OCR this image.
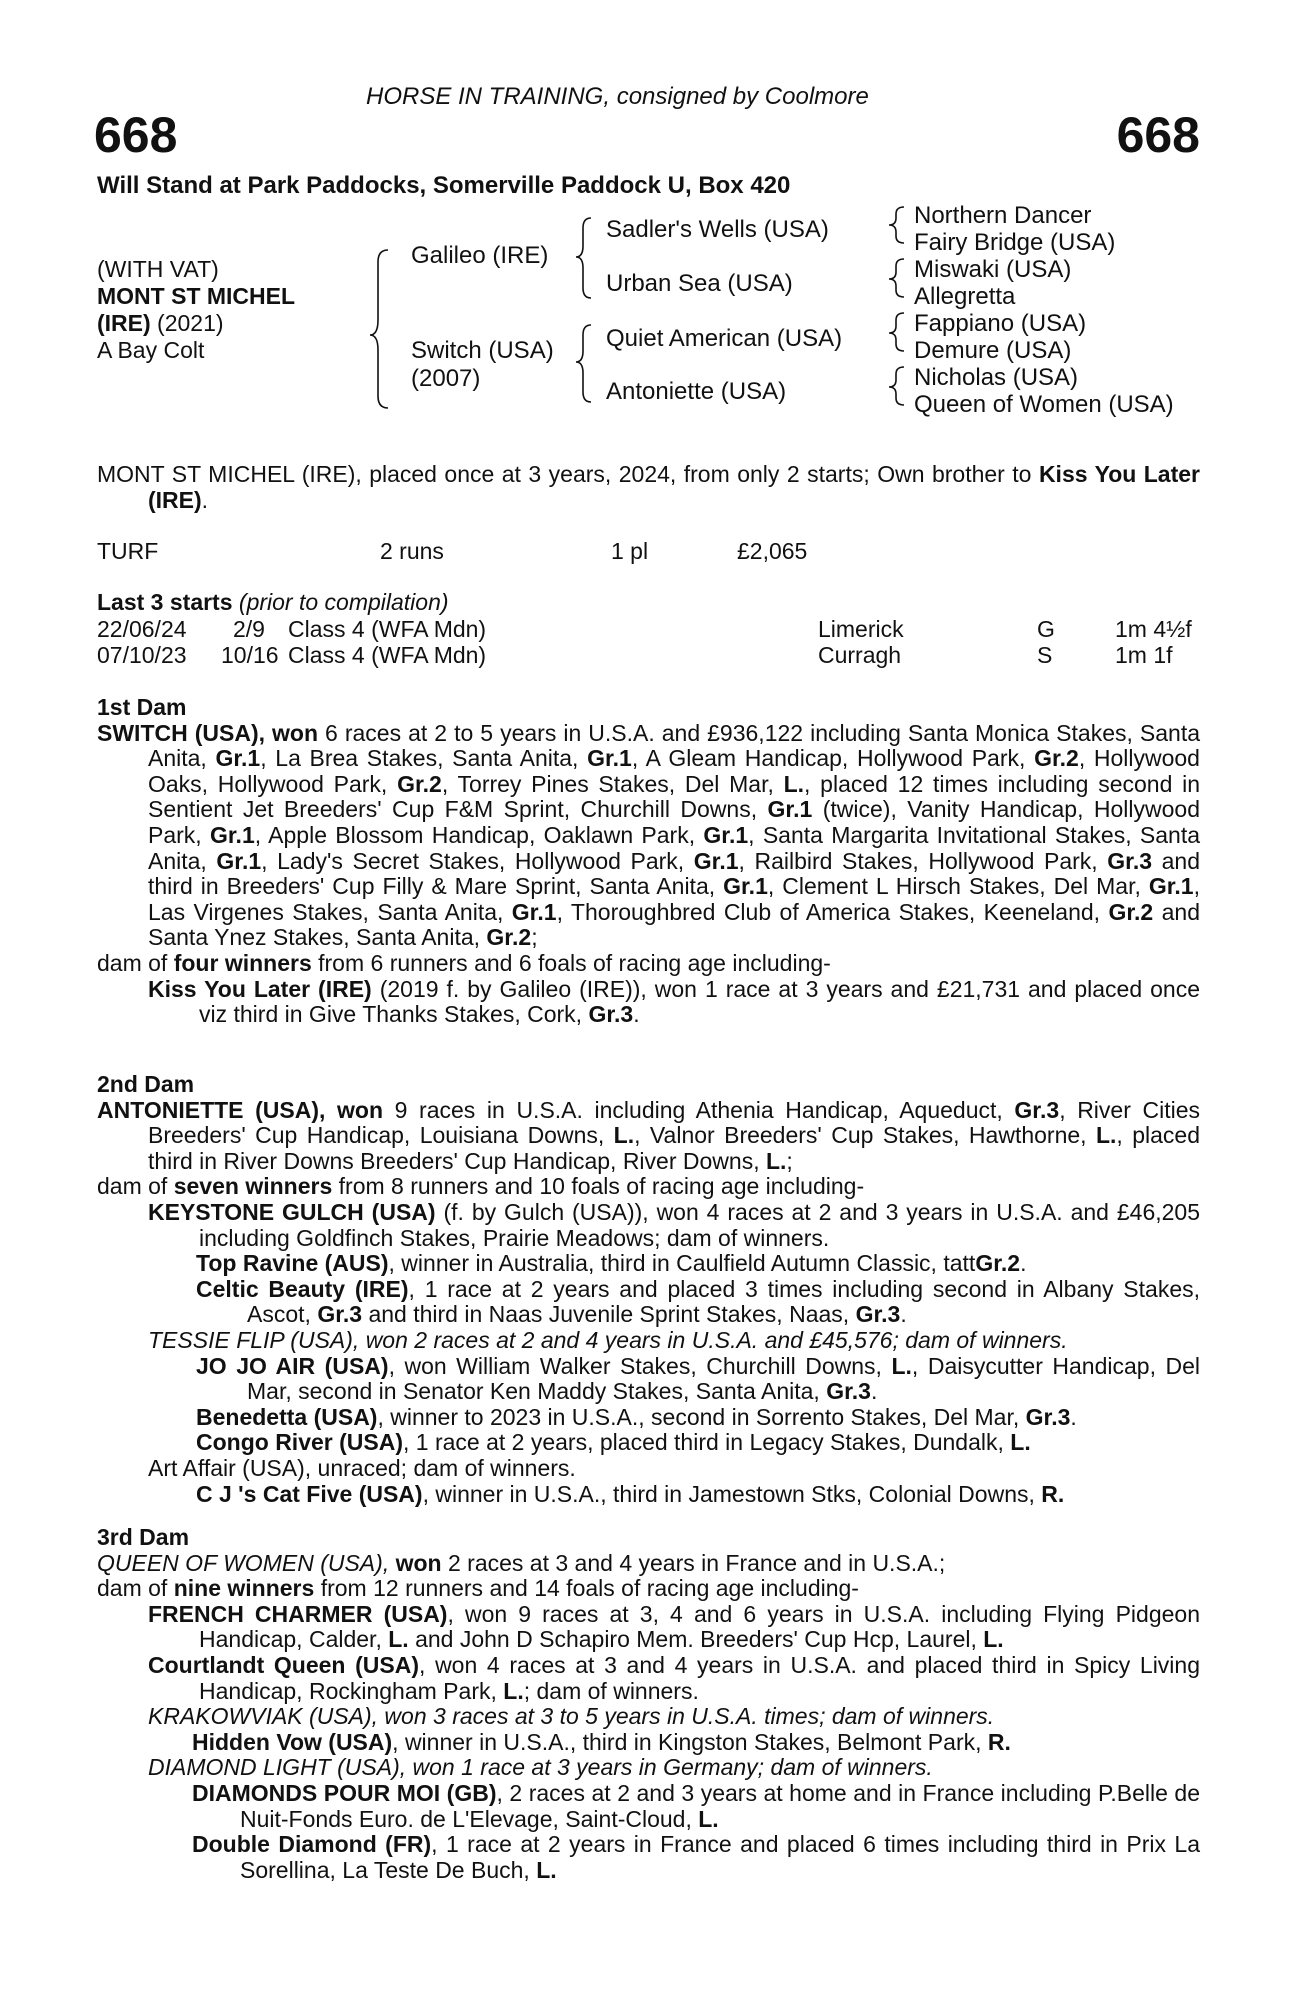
HORSE IN TRAINING, consigned by Coolmore
668	668
Will Stand at Park Paddocks, Somerville Paddock U, Box 420
(WITH VAT)
MONT ST MICHEL
(IRE) (2021)
A Bay Colt
Galileo (IRE)
Switch (USA)
(2007)
Sadler's Wells (USA)
Urban Sea (USA)
Quiet American (USA)
Antoniette (USA)
Northern Dancer
Fairy Bridge (USA)
Miswaki (USA)
Allegretta
Fappiano (USA)
Demure (USA)
Nicholas (USA)
Queen of Women (USA)

MONT ST MICHEL (IRE), placed once at 3 years, 2024, from only 2 starts; Own brother to Kiss You Later (IRE).

TURF	2 runs	1 pl	£2,065
Last 3 starts (prior to compilation)
22/06/24 2/9 Class 4 (WFA Mdn)	Limerick	G	1m 4½f
07/10/23 10/16 Class 4 (WFA Mdn)	Curragh	S	1m 1f

1st Dam

SWITCH (USA), won 6 races at 2 to 5 years in U.S.A. and £936,122 including Santa Monica Stakes, Santa Anita, Gr.1, La Brea Stakes, Santa Anita, Gr.1, A Gleam Handicap, Hollywood Park, Gr.2, Hollywood Oaks, Hollywood Park, Gr.2, Torrey Pines Stakes, Del Mar, L., placed 12 times including second in Sentient Jet Breeders' Cup F&M Sprint, Churchill Downs, Gr.1 (twice), Vanity Handicap, Hollywood Park, Gr.1, Apple Blossom Handicap, Oaklawn Park, Gr.1, Santa Margarita Invitational Stakes, Santa Anita, Gr.1, Lady's Secret Stakes, Hollywood Park, Gr.1, Railbird Stakes, Hollywood Park, Gr.3 and third in Breeders' Cup Filly & Mare Sprint, Santa Anita, Gr.1, Clement L Hirsch Stakes, Del Mar, Gr.1, Las Virgenes Stakes, Santa Anita, Gr.1, Thoroughbred Club of America Stakes, Keeneland, Gr.2 and Santa Ynez Stakes, Santa Anita, Gr.2;

dam of four winners from 6 runners and 6 foals of racing age including-

Kiss You Later (IRE) (2019 f. by Galileo (IRE)), won 1 race at 3 years and £21,731 and placed once viz third in Give Thanks Stakes, Cork, Gr.3.

2nd Dam

ANTONIETTE (USA), won 9 races in U.S.A. including Athenia Handicap, Aqueduct, Gr.3, River Cities Breeders' Cup Handicap, Louisiana Downs, L., Valnor Breeders' Cup Stakes, Hawthorne, L., placed third in River Downs Breeders' Cup Handicap, River Downs, L.;

dam of seven winners from 8 runners and 10 foals of racing age including-

KEYSTONE GULCH (USA) (f. by Gulch (USA)), won 4 races at 2 and 3 years in U.S.A. and £46,205 including Goldfinch Stakes, Prairie Meadows; dam of winners.

Top Ravine (AUS), winner in Australia, third in Caulfield Autumn Classic, tattGr.2.

Celtic Beauty (IRE), 1 race at 2 years and placed 3 times including second in Albany Stakes, Ascot, Gr.3 and third in Naas Juvenile Sprint Stakes, Naas, Gr.3.

TESSIE FLIP (USA), won 2 races at 2 and 4 years in U.S.A. and £45,576; dam of winners.

JO JO AIR (USA), won William Walker Stakes, Churchill Downs, L., Daisycutter Handicap, Del Mar, second in Senator Ken Maddy Stakes, Santa Anita, Gr.3.

Benedetta (USA), winner to 2023 in U.S.A., second in Sorrento Stakes, Del Mar, Gr.3.

Congo River (USA), 1 race at 2 years, placed third in Legacy Stakes, Dundalk, L.

Art Affair (USA), unraced; dam of winners.

C J 's Cat Five (USA), winner in U.S.A., third in Jamestown Stks, Colonial Downs, R.

3rd Dam

QUEEN OF WOMEN (USA), won 2 races at 3 and 4 years in France and in U.S.A.;

dam of nine winners from 12 runners and 14 foals of racing age including-

FRENCH CHARMER (USA), won 9 races at 3, 4 and 6 years in U.S.A. including Flying Pidgeon Handicap, Calder, L. and John D Schapiro Mem. Breeders' Cup Hcp, Laurel, L.

Courtlandt Queen (USA), won 4 races at 3 and 4 years in U.S.A. and placed third in Spicy Living Handicap, Rockingham Park, L.; dam of winners.

KRAKOWVIAK (USA), won 3 races at 3 to 5 years in U.S.A. times; dam of winners.

Hidden Vow (USA), winner in U.S.A., third in Kingston Stakes, Belmont Park, R.

DIAMOND LIGHT (USA), won 1 race at 3 years in Germany; dam of winners.

DIAMONDS POUR MOI (GB), 2 races at 2 and 3 years at home and in France including P.Belle de Nuit-Fonds Euro. de L'Elevage, Saint-Cloud, L.

Double Diamond (FR), 1 race at 2 years in France and placed 6 times including third in Prix La Sorellina, La Teste De Buch, L.
